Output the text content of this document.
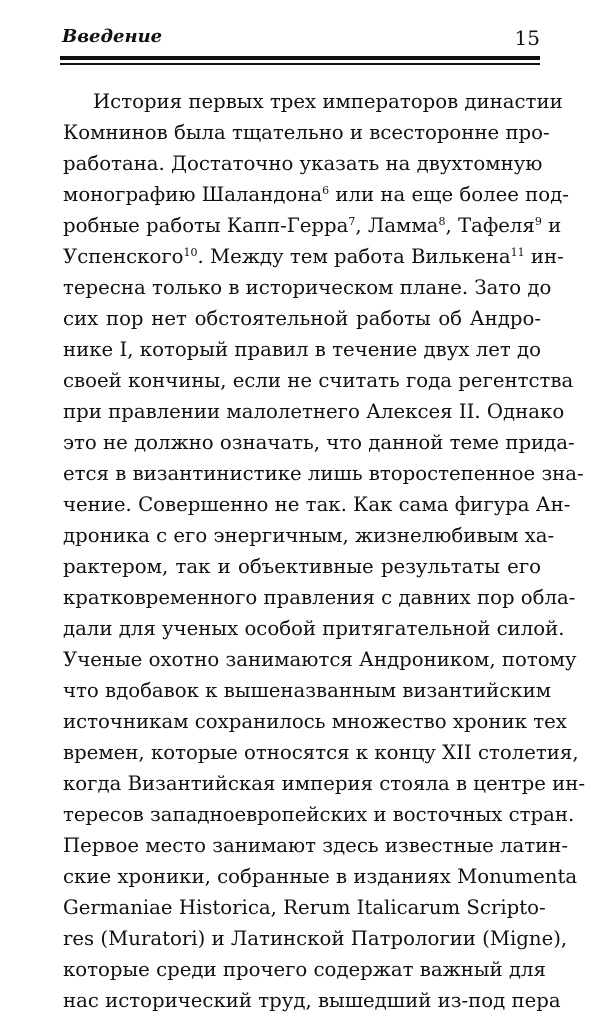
Введение	15
История первых трех императоров династии
Комнинов была тщательно и всесторонне про-
работана. Достаточно указать на двухтомную
монографию Шаландона$^6$ или на еще более под-
робные работы Капп-Герра$^7$, Ламма$^8$, Тафеля$^9$ и
Успенского$^{10}$. Между тем работа Вилькена$^{11}$ ин-
тересна только в историческом плане. Зато до
сих пор нет обстоятельной работы об Андро-
нике I, который правил в течение двух лет до
своей кончины, если не считать года регентства
при правлении малолетнего Алексея II. Однако
это не должно означать, что данной теме прида-
ется в византинистике лишь второстепенное зна-
чение. Совершенно не так. Как сама фигура Ан-
дроника с его энергичным, жизнелюбивым ха-
рактером, так и объективные результаты его
кратковременного правления с давних пор обла-
дали для ученых особой притягательной силой.
Ученые охотно занимаются Андроником, потому
что вдобавок к вышеназванным византийским
источникам сохранилось множество хроник тех
времен, которые относятся к концу XII столетия,
когда Византийская империя стояла в центре ин-
тересов западноевропейских и восточных стран.
Первое место занимают здесь известные латин-
ские хроники, собранные в изданиях Monumenta
Germaniae Historica, Rerum Italicarum Scripto-
res (Muratori) и Латинской Патрологии (Migne),
которые среди прочего содержат важный для
нас исторический труд, вышедший из-под пера
